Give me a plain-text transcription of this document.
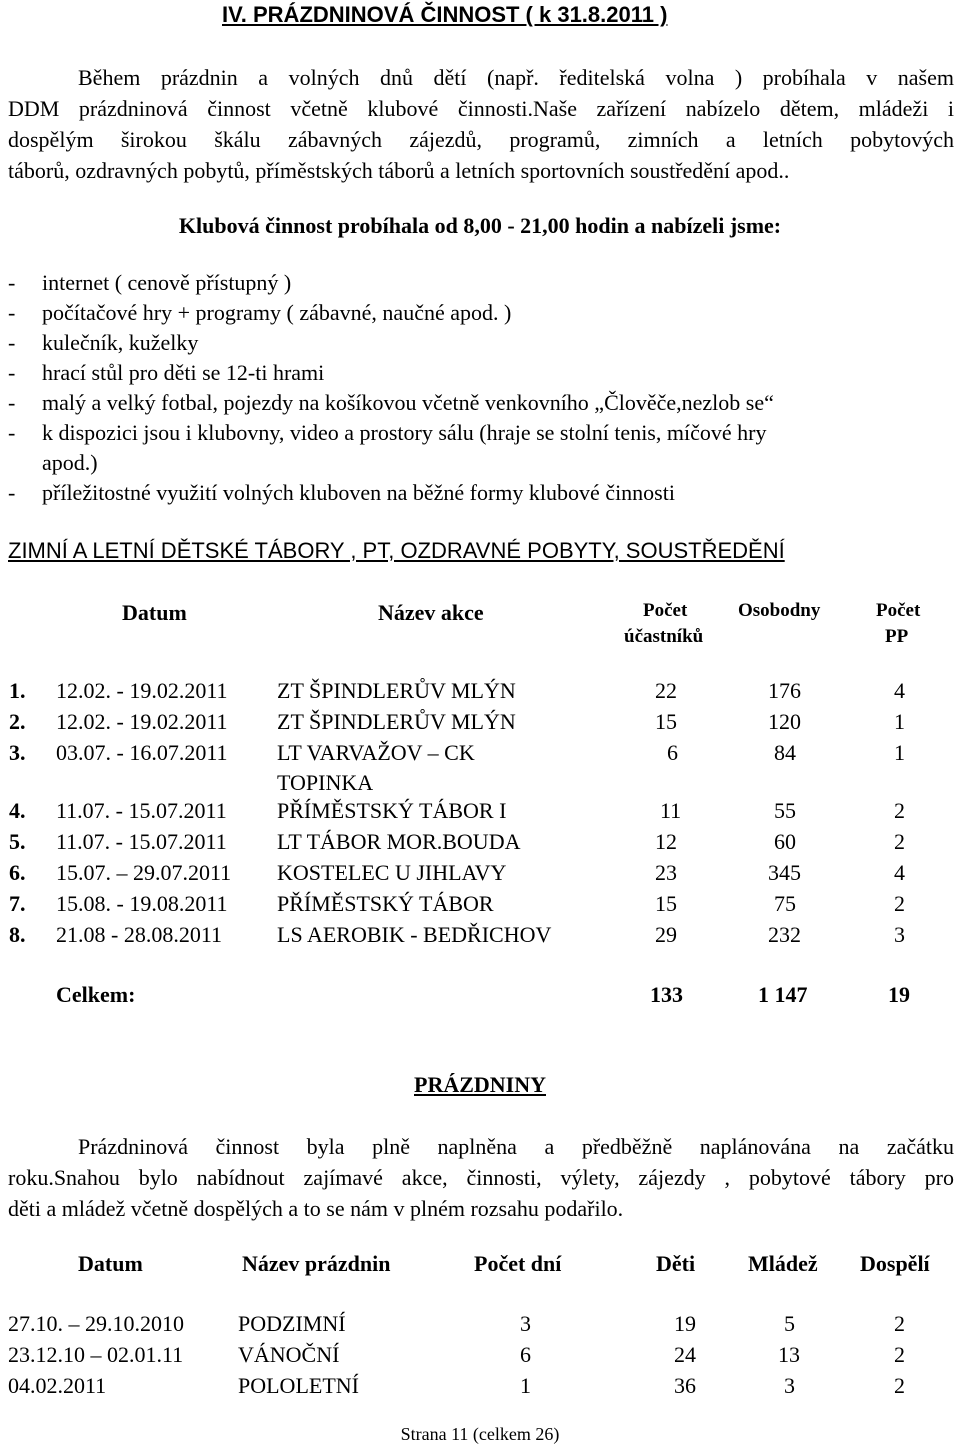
IV. PRÁZDNINOVÁ ČINNOST ( k 31.8.2011 )
Během prázdnin a volných dnů dětí (např. ředitelská volna ) probíhala v našem
DDM prázdninová činnost včetně klubové činnosti.Naše zařízení nabízelo dětem, mládeži i
dospělým širokou škálu zábavných zájezdů, programů, zimních a letních pobytových
táborů, ozdravných pobytů, příměstských táborů a letních sportovních soustředění apod..
Klubová činnost probíhala od 8,00 - 21,00 hodin a nabízeli jsme:
-	internet ( cenově přístupný )
-	počítačové hry + programy ( zábavné, naučné apod. )
-	kulečník, kuželky
-	hrací stůl pro děti se 12-ti hrami
-	malý a velký fotbal, pojezdy na košíkovou včetně venkovního „Člověče,nezlob se“
-	k dispozici jsou i klubovny, video a prostory sálu (hraje se stolní tenis, míčové hry
apod.)
-	příležitostné využití volných kluboven na běžné formy klubové činnosti
ZIMNÍ A LETNÍ DĚTSKÉ TÁBORY , PT, OZDRAVNÉ POBYTY, SOUSTŘEDĚNÍ
Datum	Název akce	Počet
účastníků
Osobodny	Počet
PP
1. 12.02. - 19.02.2011 ZT ŠPINDLERŮV MLÝN	22	176	4
2. 12.02. - 19.02.2011 ZT ŠPINDLERŮV MLÝN	15	120	1
3. 03.07. - 16.07.2011 LT VARVAŽOV – CK
TOPINKA
6	84	1
4. 11.07. - 15.07.2011 PŘÍMĚSTSKÝ TÁBOR I	11	55	2
5. 11.07. - 15.07.2011 LT TÁBOR MOR.BOUDA	12	60	2
6. 15.07. – 29.07.2011 KOSTELEC U JIHLAVY	23	345	4
7. 15.08. - 19.08.2011 PŘÍMĚSTSKÝ TÁBOR	15	75	2
8. 21.08 - 28.08.2011 LS AEROBIK - BEDŘICHOV	29	232	3
Celkem:	133	1 147	19
PRÁZDNINY
Prázdninová činnost byla plně naplněna a předběžně naplánována na začátku
roku.Snahou bylo nabídnout zajímavé akce, činnosti, výlety, zájezdy , pobytové tábory pro
děti a mládež včetně dospělých a to se nám v plném rozsahu podařilo.
Datum	Název prázdnin	Počet dní	Děti Mládež Dospělí
27.10. – 29.10.2010 PODZIMNÍ	3	19	5	2
23.12.10 – 02.01.11 VÁNOČNÍ	6	24	13	2
04.02.2011	POLOLETNÍ	1	36	3	2
Strana 11 (celkem 26)
